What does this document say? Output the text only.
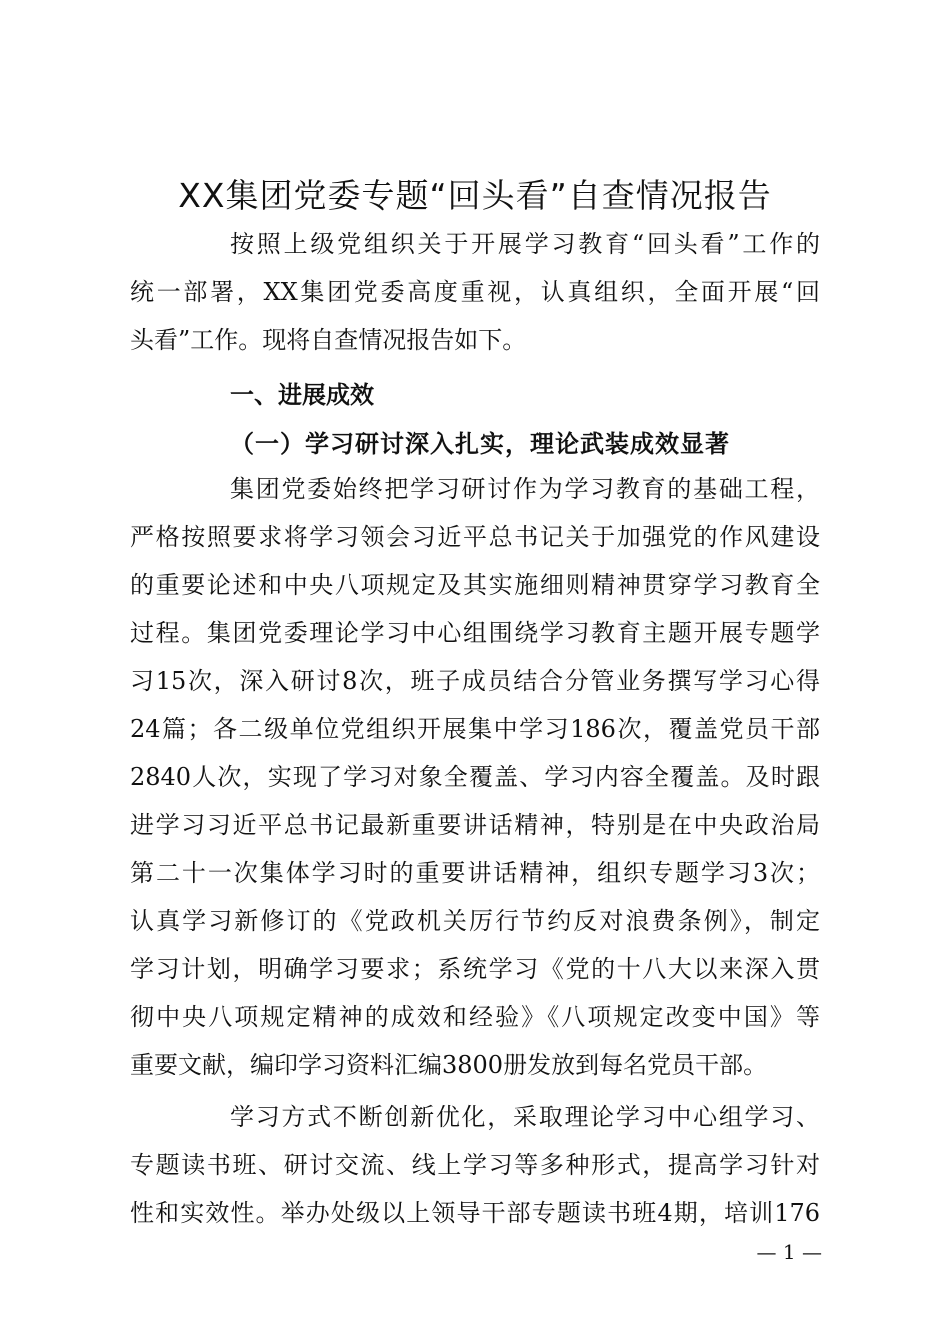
XX集团党委专题“回头看”自查情况报告
按照上级党组织关于开展学习教育“回头看”工作的
统一部署，XX集团党委高度重视，认真组织，全面开展“回
头看”工作。现将自查情况报告如下。
一、进展成效
（一）学习研讨深入扎实，理论武装成效显著
集团党委始终把学习研讨作为学习教育的基础工程，
严格按照要求将学习领会习近平总书记关于加强党的作风建设
的重要论述和中央八项规定及其实施细则精神贯穿学习教育全
过程。集团党委理论学习中心组围绕学习教育主题开展专题学
习15次，深入研讨8次，班子成员结合分管业务撰写学习心得
24篇；各二级单位党组织开展集中学习186次，覆盖党员干部
2840人次，实现了学习对象全覆盖、学习内容全覆盖。及时跟
进学习习近平总书记最新重要讲话精神，特别是在中央政治局
第二十一次集体学习时的重要讲话精神，组织专题学习3次；
认真学习新修订的《党政机关厉行节约反对浪费条例》，制定
学习计划，明确学习要求；系统学习《党的十八大以来深入贯
彻中央八项规定精神的成效和经验》《八项规定改变中国》等
重要文献，编印学习资料汇编3800册发放到每名党员干部。
学习方式不断创新优化，采取理论学习中心组学习、
专题读书班、研讨交流、线上学习等多种形式，提高学习针对
性和实效性。举办处级以上领导干部专题读书班4期，培训176
— 1 —
